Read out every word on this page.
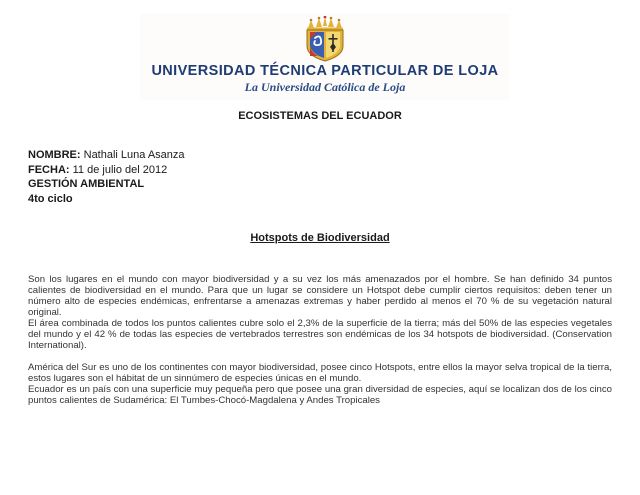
UNIVERSIDAD TÉCNICA PARTICULAR DE LOJA
La Universidad Católica de Loja
ECOSISTEMAS DEL ECUADOR
NOMBRE: Nathali Luna Asanza
FECHA: 11 de julio del 2012
GESTIÓN AMBIENTAL
4to ciclo
Hotspots de Biodiversidad

Son los lugares en el mundo con mayor biodiversidad y a su vez los más amenazados por el hombre. Se han definido 34 puntos calientes de biodiversidad en el mundo. Para que un lugar se considere un Hotspot debe cumplir ciertos requisitos: deben tener un número alto de especies endémicas, enfrentarse a amenazas extremas y haber perdido al menos el 70 % de su vegetación natural original.

El área combinada de todos los puntos calientes cubre solo el 2,3% de la superficie de la tierra; más del 50% de las especies vegetales del mundo y el 42 % de todas las especies de vertebrados terrestres son endémicas de los 34 hotspots de biodiversidad. (Conservation International).

América del Sur es uno de los continentes con mayor biodiversidad, posee cinco Hotspots, entre ellos la mayor selva tropical de la tierra, estos lugares son el hábitat de un sinnúmero de especies únicas en el mundo.

Ecuador es un país con una superficie muy pequeña pero que posee una gran diversidad de especies, aquí se localizan dos de los cinco puntos calientes de Sudamérica: El Tumbes-Chocó-Magdalena y Andes Tropicales
